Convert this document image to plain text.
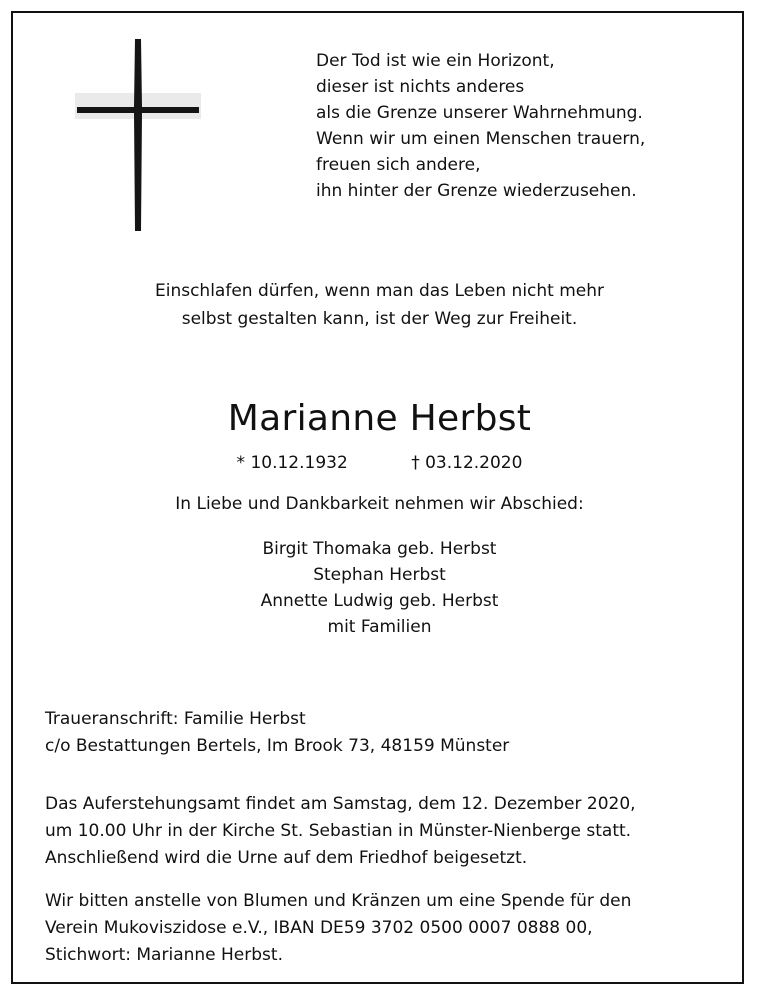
Der Tod ist wie ein Horizont,
dieser ist nichts anderes
als die Grenze unserer Wahrnehmung.
Wenn wir um einen Menschen trauern,
freuen sich andere,
ihn hinter der Grenze wiederzusehen.
Einschlafen dürfen, wenn man das Leben nicht mehr
selbst gestalten kann, ist der Weg zur Freiheit.
Marianne Herbst
* 10.12.1932	† 03.12.2020
In Liebe und Dankbarkeit nehmen wir Abschied:
Birgit Thomaka geb. Herbst
Stephan Herbst
Annette Ludwig geb. Herbst
mit Familien
Traueranschrift: Familie Herbst
c/o Bestattungen Bertels, Im Brook 73, 48159 Münster
Das Auferstehungsamt findet am Samstag, dem 12. Dezember 2020,
um 10.00 Uhr in der Kirche St. Sebastian in Münster-Nienberge statt.
Anschließend wird die Urne auf dem Friedhof beigesetzt.
Wir bitten anstelle von Blumen und Kränzen um eine Spende für den
Verein Mukoviszidose e.V., IBAN DE59 3702 0500 0007 0888 00,
Stichwort: Marianne Herbst.
